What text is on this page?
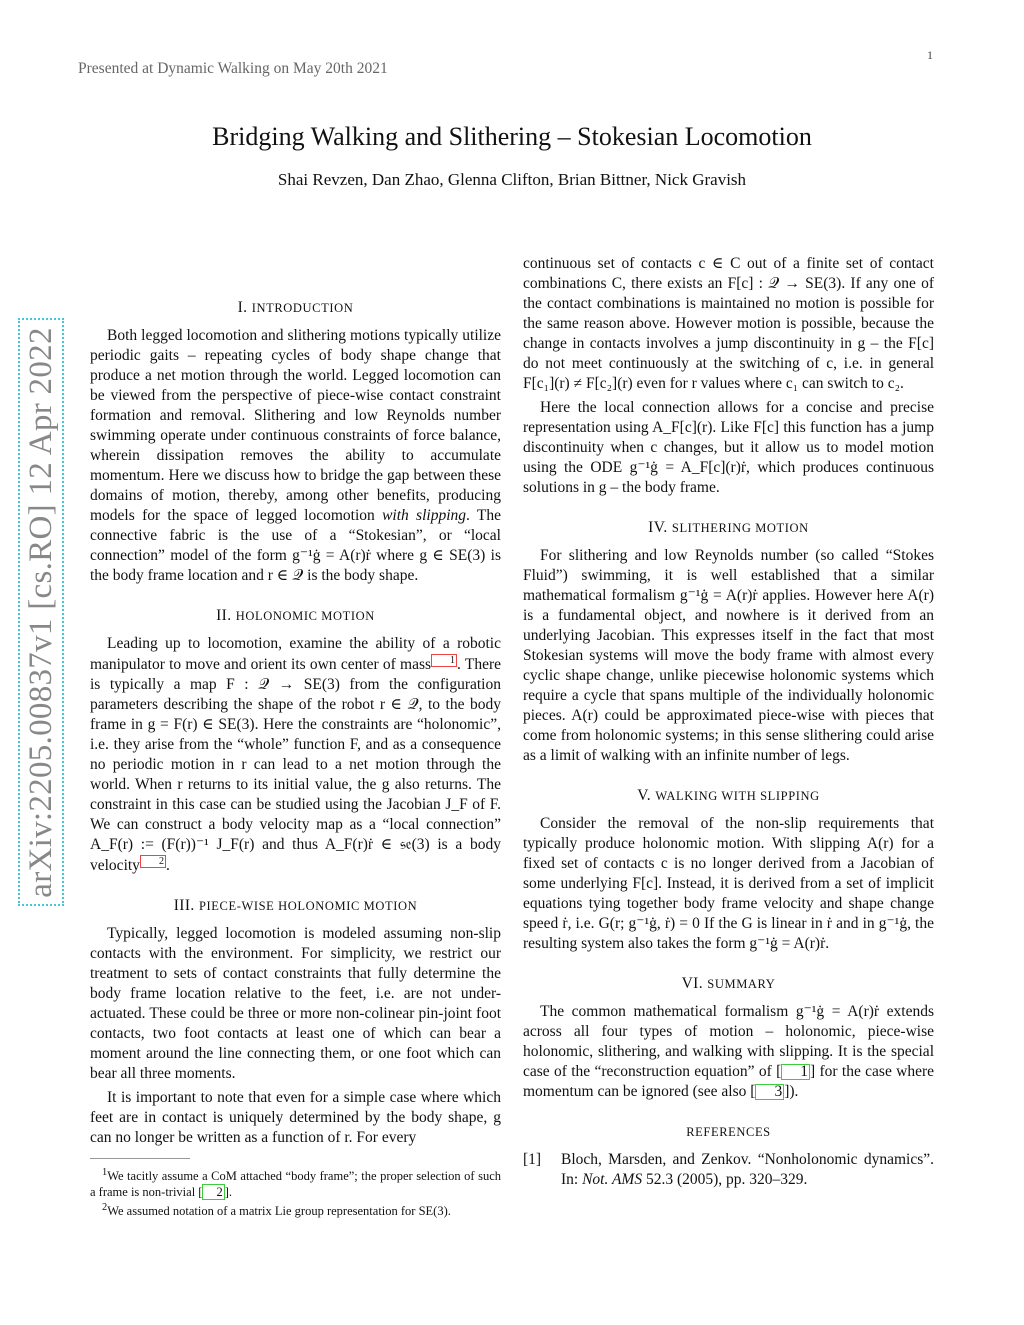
Presented at Dynamic Walking on May 20th 2021
1
arXiv:2205.00837v1 [cs.RO] 12 Apr 2022
Bridging Walking and Slithering – Stokesian Locomotion
Shai Revzen, Dan Zhao, Glenna Clifton, Brian Bittner, Nick Gravish
I. INTRODUCTION

Both legged locomotion and slithering motions typically utilize periodic gaits – repeating cycles of body shape change that produce a net motion through the world. Legged locomotion can be viewed from the perspective of piece-wise contact constraint formation and removal. Slithering and low Reynolds number swimming operate under continuous constraints of force balance, wherein dissipation removes the ability to accumulate momentum. Here we discuss how to bridge the gap between these domains of motion, thereby, among other benefits, producing models for the space of legged locomotion with slipping. The connective fabric is the use of a “Stokesian”, or “local connection” model of the form g⁻¹ġ = A(r)ṙ where g ∈ SE(3) is the body frame location and r ∈ 𝒬 is the body shape.

II. HOLONOMIC MOTION

Leading up to locomotion, examine the ability of a robotic manipulator to move and orient its own center of mass 1 . There is typically a map F : 𝒬 → SE(3) from the configuration parameters describing the shape of the robot r ∈ 𝒬, to the body frame in g = F(r) ∈ SE(3). Here the constraints are “holonomic”, i.e. they arise from the “whole” function F, and as a consequence no periodic motion in r can lead to a net motion through the world. When r returns to its initial value, the g also returns. The constraint in this case can be studied using the Jacobian J_F of F. We can construct a body velocity map as a “local connection” A_F(r) := (F(r))⁻¹ J_F(r) and thus A_F(r)ṙ ∈ 𝔰𝔢(3) is a body velocity 2 .

III. PIECE-WISE HOLONOMIC MOTION

Typically, legged locomotion is modeled assuming non-slip contacts with the environment. For simplicity, we restrict our treatment to sets of contact constraints that fully determine the body frame location relative to the feet, i.e. are not under-actuated. These could be three or more non-colinear pin-joint foot contacts, two foot contacts at least one of which can bear a moment around the line connecting them, or one foot which can bear all three moments.

It is important to note that even for a simple case where which feet are in contact is uniquely determined by the body shape, g can no longer be written as a function of r. For every

$^1$We tacitly assume a CoM attached “body frame”; the proper selection of such a frame is non-trivial [ 2 ].

$^2$We assumed notation of a matrix Lie group representation for SE(3).

continuous set of contacts c ∈ C out of a finite set of contact combinations C, there exists an F[c] : 𝒬 → SE(3). If any one of the contact combinations is maintained no motion is possible for the same reason above. However motion is possible, because the change in contacts involves a jump discontinuity in g – the F[c] do not meet continuously at the switching of c, i.e. in general F[c₁](r) ≠ F[c₂](r) even for r values where c₁ can switch to c₂.

Here the local connection allows for a concise and precise representation using A_F[c](r). Like F[c] this function has a jump discontinuity when c changes, but it allow us to model motion using the ODE g⁻¹ġ = A_F[c](r)ṙ, which produces continuous solutions in g – the body frame.

IV. SLITHERING MOTION

For slithering and low Reynolds number (so called “Stokes Fluid”) swimming, it is well established that a similar mathematical formalism g⁻¹ġ = A(r)ṙ applies. However here A(r) is a fundamental object, and nowhere is it derived from an underlying Jacobian. This expresses itself in the fact that most Stokesian systems will move the body frame with almost every cyclic shape change, unlike piecewise holonomic systems which require a cycle that spans multiple of the individually holonomic pieces. A(r) could be approximated piece-wise with pieces that come from holonomic systems; in this sense slithering could arise as a limit of walking with an infinite number of legs.

V. WALKING WITH SLIPPING

Consider the removal of the non-slip requirements that typically produce holonomic motion. With slipping A(r) for a fixed set of contacts c is no longer derived from a Jacobian of some underlying F[c]. Instead, it is derived from a set of implicit equations tying together body frame velocity and shape change speed ṙ, i.e. G(r; g⁻¹ġ, ṙ) = 0 If the G is linear in ṙ and in g⁻¹ġ, the resulting system also takes the form g⁻¹ġ = A(r)ṙ.

VI. SUMMARY

The common mathematical formalism g⁻¹ġ = A(r)ṙ extends across all four types of motion – holonomic, piece-wise holonomic, slithering, and walking with slipping. It is the special case of the “reconstruction equation” of [ 1 ] for the case where momentum can be ignored (see also [ 3 ]).

REFERENCES
[1]	Bloch, Marsden, and Zenkov. “Nonholonomic dynamics”. In: Not. AMS 52.3 (2005), pp. 320–329.
